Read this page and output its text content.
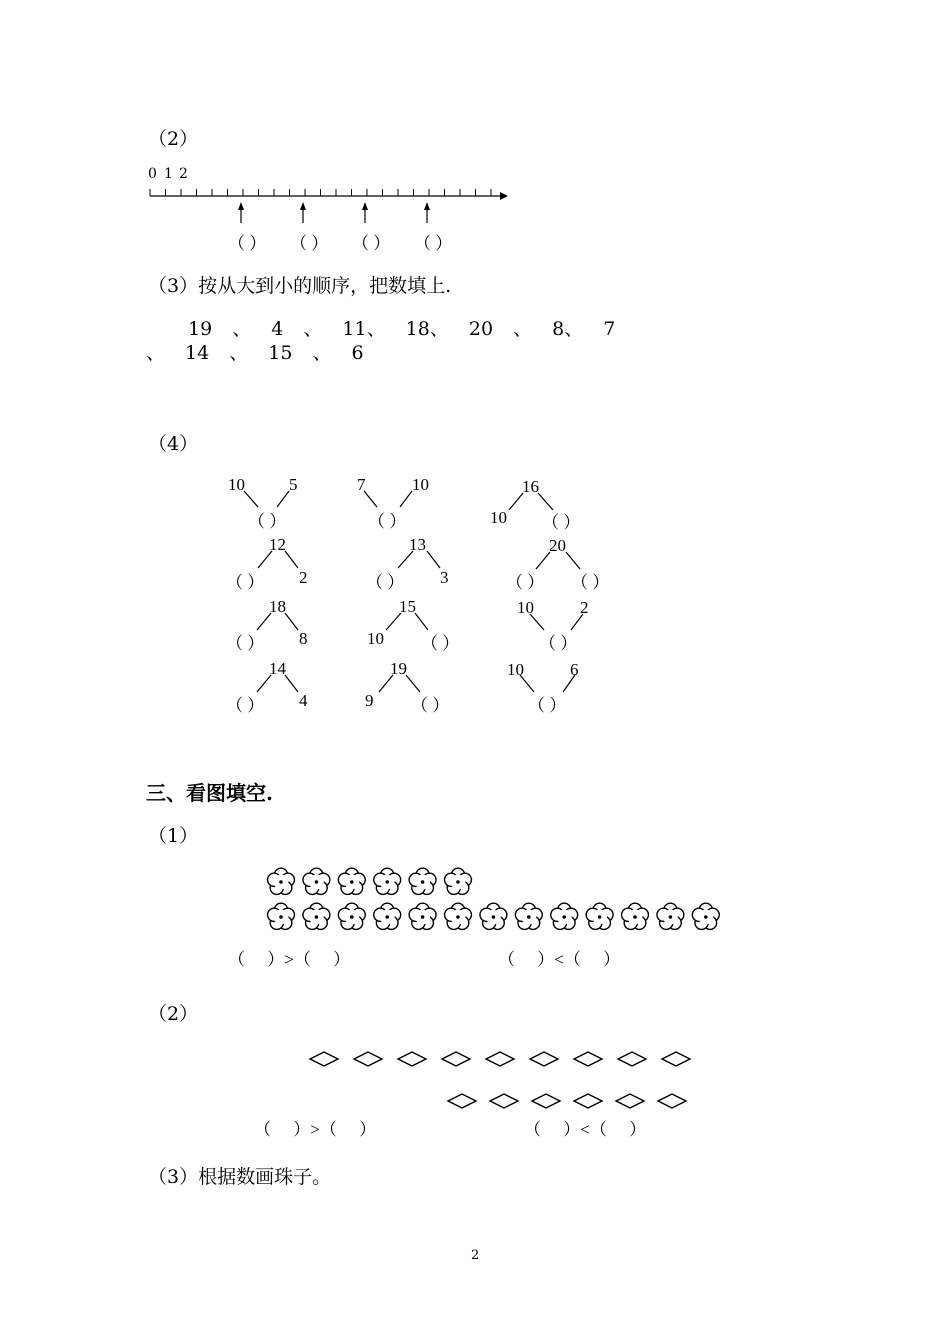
（2）
0 1 2
（ ） （ ） （ ） （ ）
（3）按从大到小的顺序，把数填上.
19 、 4 、 11、 18、 20 、 8、 7
、 14 、 15 、 6
（4）
10	5
（ ）
7	10
（ ）
16
10 （ ）
12
（ ） 2
13
（ ） 3
20
（ ） （ ）
18
（ ） 8
15
10 （ ）
10	2
（ ）
14
（ ） 4
19
9 （ ）
10	6
（ ）
三、看图填空.
（1）
（ ）>（ ）	（ ）<（ ）
（2）
（ ）>（ ）	（ ）<（ ）
（3）根据数画珠子。
2
